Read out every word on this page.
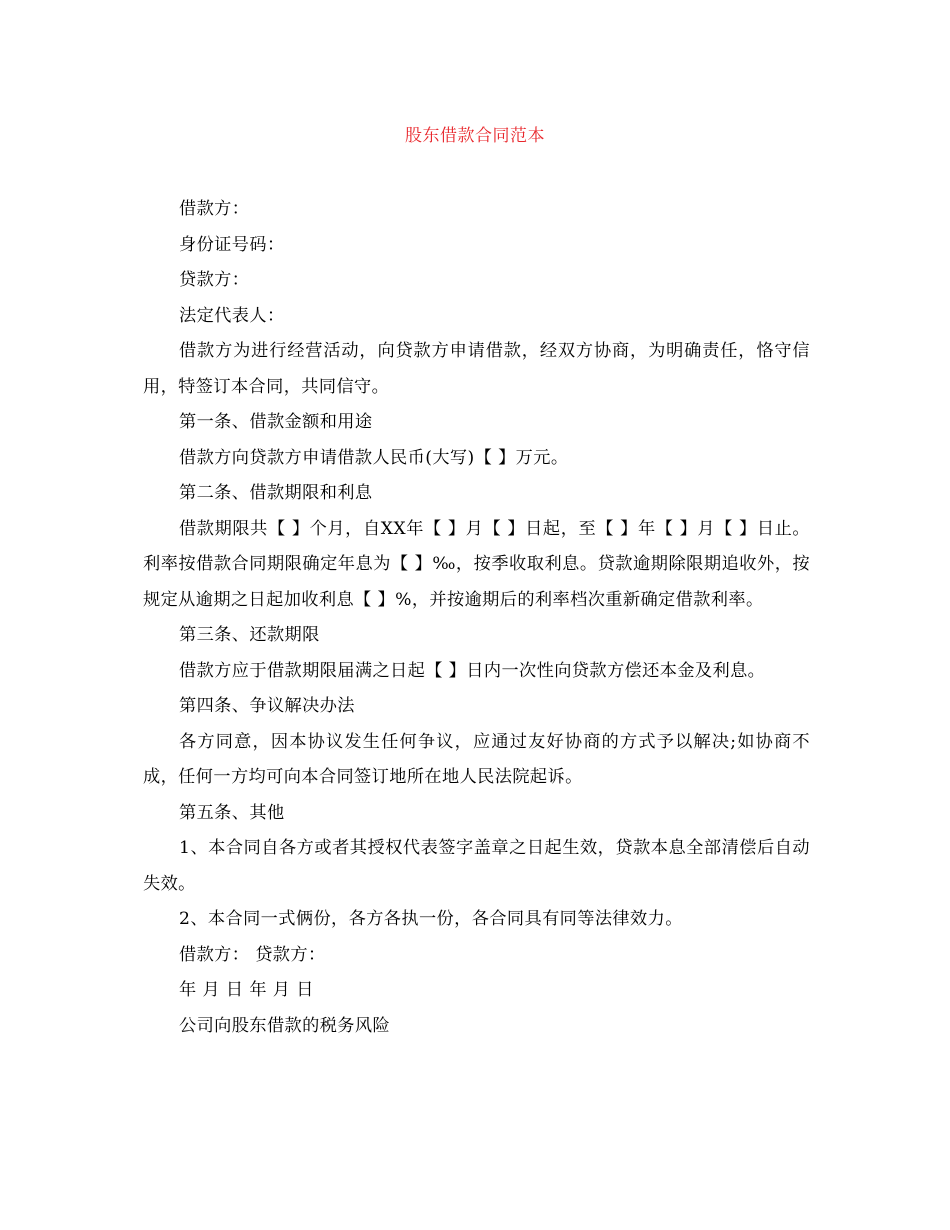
股东借款合同范本

借款方：

身份证号码：

贷款方：

法定代表人：

借款方为进行经营活动，向贷款方申请借款，经双方协商，为明确责任，恪守信用，特签订本合同，共同信守。

第一条、借款金额和用途

借款方向贷款方申请借款人民币(大写)【 】万元。

第二条、借款期限和利息

借款期限共【 】个月，自XX年【 】月【 】日起，至【 】年【 】月【 】日止。利率按借款合同期限确定年息为【 】‰，按季收取利息。贷款逾期除限期追收外，按规定从逾期之日起加收利息【 】%，并按逾期后的利率档次重新确定借款利率。

第三条、还款期限

借款方应于借款期限届满之日起【 】日内一次性向贷款方偿还本金及利息。

第四条、争议解决办法

各方同意，因本协议发生任何争议，应通过友好协商的方式予以解决;如协商不成，任何一方均可向本合同签订地所在地人民法院起诉。

第五条、其他

1、本合同自各方或者其授权代表签字盖章之日起生效，贷款本息全部清偿后自动失效。

2、本合同一式俩份，各方各执一份，各合同具有同等法律效力。

借款方： 贷款方：

年 月 日 年 月 日

公司向股东借款的税务风险
